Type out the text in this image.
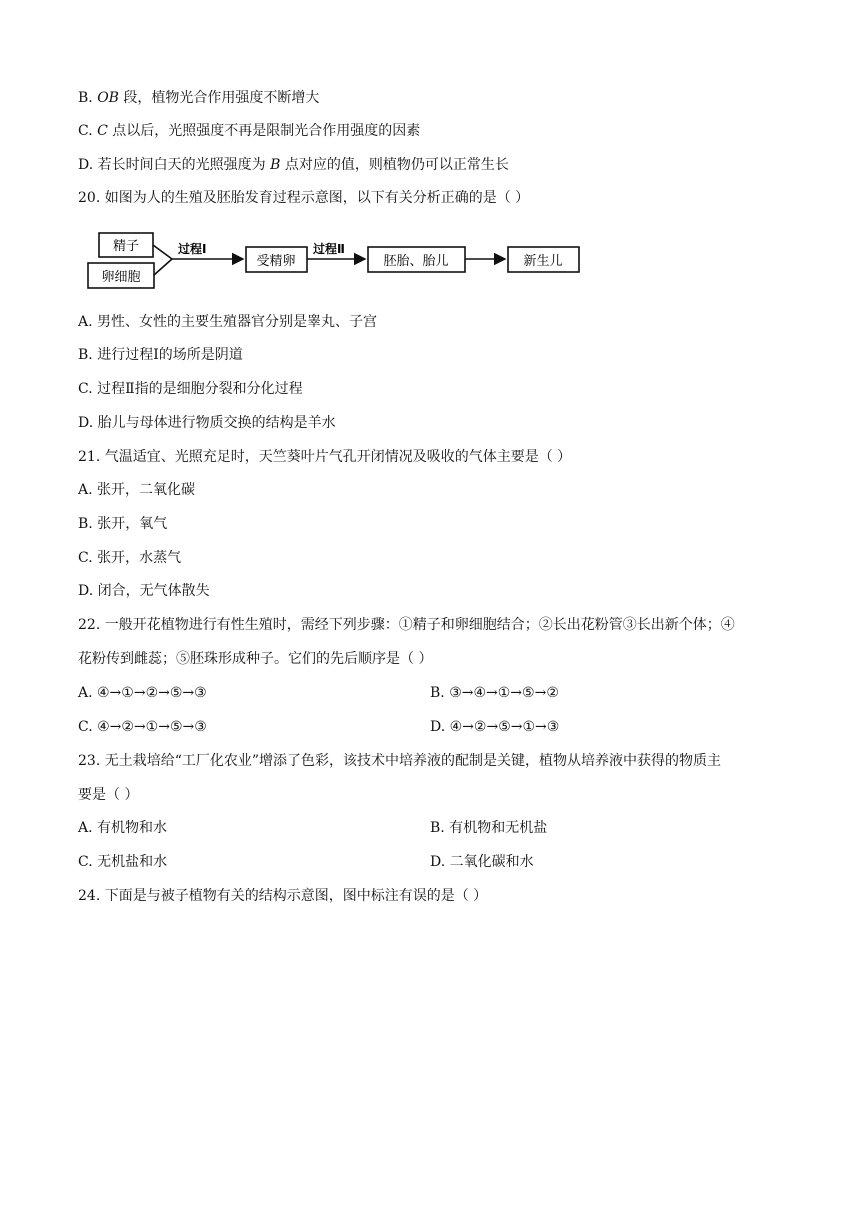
B. OB 段，植物光合作用强度不断增大
C. C 点以后，光照强度不再是限制光合作用强度的因素
D. 若长时间白天的光照强度为 B 点对应的值，则植物仍可以正常生长
20. 如图为人的生殖及胚胎发育过程示意图，以下有关分析正确的是（ ）
精子
卵细胞
过程Ⅰ
受精卵
过程Ⅱ
胚胎、胎儿	新生儿
A. 男性、女性的主要生殖器官分别是睾丸、子宫
B. 进行过程Ⅰ的场所是阴道
C. 过程Ⅱ指的是细胞分裂和分化过程
D. 胎儿与母体进行物质交换的结构是羊水
21. 气温适宜、光照充足时，天竺葵叶片气孔开闭情况及吸收的气体主要是（ ）
A. 张开，二氧化碳
B. 张开，氧气
C. 张开，水蒸气
D. 闭合，无气体散失
22. 一般开花植物进行有性生殖时，需经下列步骤：①精子和卵细胞结合；②长出花粉管③长出新个体；④
花粉传到雌蕊；⑤胚珠形成种子。它们的先后顺序是（ ）
A. ④→①→②→⑤→③	B. ③→④→①→⑤→②
C. ④→②→①→⑤→③	D. ④→②→⑤→①→③
23. 无土栽培给“工厂化农业”增添了色彩，该技术中培养液的配制是关键，植物从培养液中获得的物质主
要是（ ）
A. 有机物和水	B. 有机物和无机盐
C. 无机盐和水	D. 二氧化碳和水
24. 下面是与被子植物有关的结构示意图，图中标注有误的是（ ）
